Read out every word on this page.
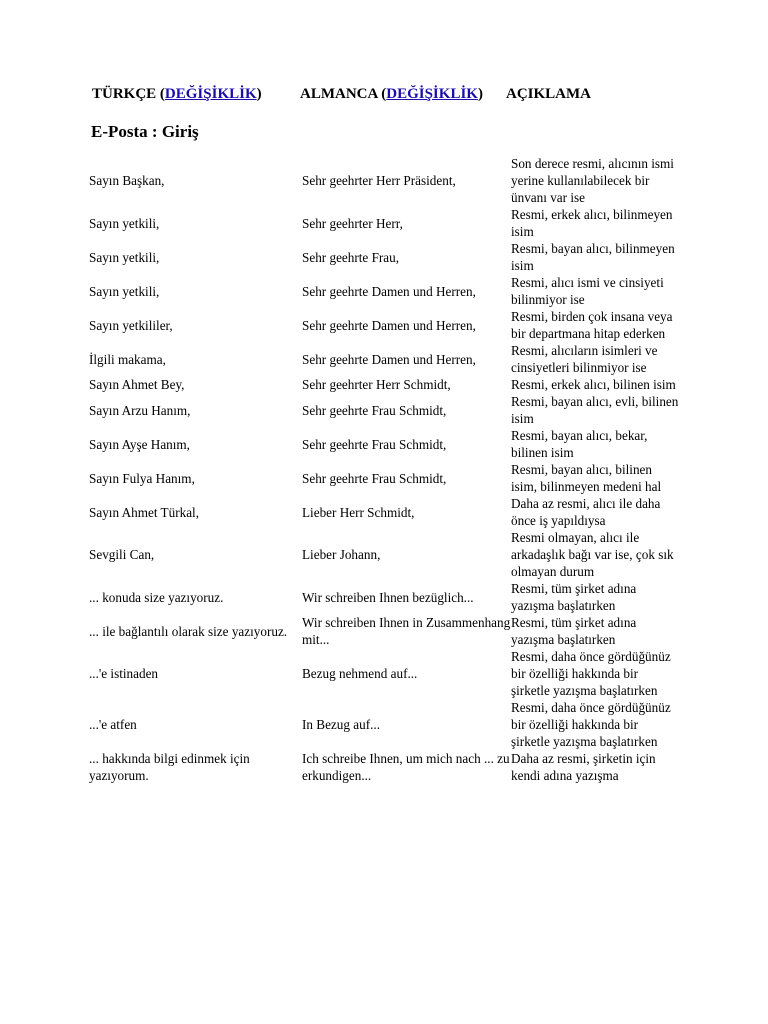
TÜRKÇE (DEĞİŞİKLİK)	ALMANCA (DEĞİŞİKLİK) AÇIKLAMA
E-Posta : Giriş
Sayın Başkan,	Sehr geehrter Herr Präsident,	Son derece resmi, alıcının ismi yerine kullanılabilecek bir ünvanı var ise
Sayın yetkili,	Sehr geehrter Herr,	Resmi, erkek alıcı, bilinmeyen isim
Sayın yetkili,	Sehr geehrte Frau,	Resmi, bayan alıcı, bilinmeyen isim
Sayın yetkili,	Sehr geehrte Damen und Herren,	Resmi, alıcı ismi ve cinsiyeti bilinmiyor ise
Sayın yetkililer,	Sehr geehrte Damen und Herren,	Resmi, birden çok insana veya bir departmana hitap ederken
İlgili makama,	Sehr geehrte Damen und Herren,	Resmi, alıcıların isimleri ve cinsiyetleri bilinmiyor ise
Sayın Ahmet Bey,	Sehr geehrter Herr Schmidt,	Resmi, erkek alıcı, bilinen isim
Sayın Arzu Hanım,	Sehr geehrte Frau Schmidt,	Resmi, bayan alıcı, evli, bilinen isim
Sayın Ayşe Hanım,	Sehr geehrte Frau Schmidt,	Resmi, bayan alıcı, bekar, bilinen isim
Sayın Fulya Hanım,	Sehr geehrte Frau Schmidt,	Resmi, bayan alıcı, bilinen isim, bilinmeyen medeni hal
Sayın Ahmet Türkal,	Lieber Herr Schmidt,	Daha az resmi, alıcı ile daha önce iş yapıldıysa
Sevgili Can,	Lieber Johann,	Resmi olmayan, alıcı ile arkadaşlık bağı var ise, çok sık olmayan durum
... konuda size yazıyoruz.	Wir schreiben Ihnen bezüglich...	Resmi, tüm şirket adına yazışma başlatırken
... ile bağlantılı olarak size yazıyoruz.	Wir schreiben Ihnen in Zusammenhang mit...	Resmi, tüm şirket adına yazışma başlatırken
...'e istinaden	Bezug nehmend auf...	Resmi, daha önce gördüğünüz bir özelliği hakkında bir şirketle yazışma başlatırken
...'e atfen	In Bezug auf...	Resmi, daha önce gördüğünüz bir özelliği hakkında bir şirketle yazışma başlatırken
... hakkında bilgi edinmek için yazıyorum.	Ich schreibe Ihnen, um mich nach ... zu erkundigen...	Daha az resmi, şirketin için kendi adına yazışma
